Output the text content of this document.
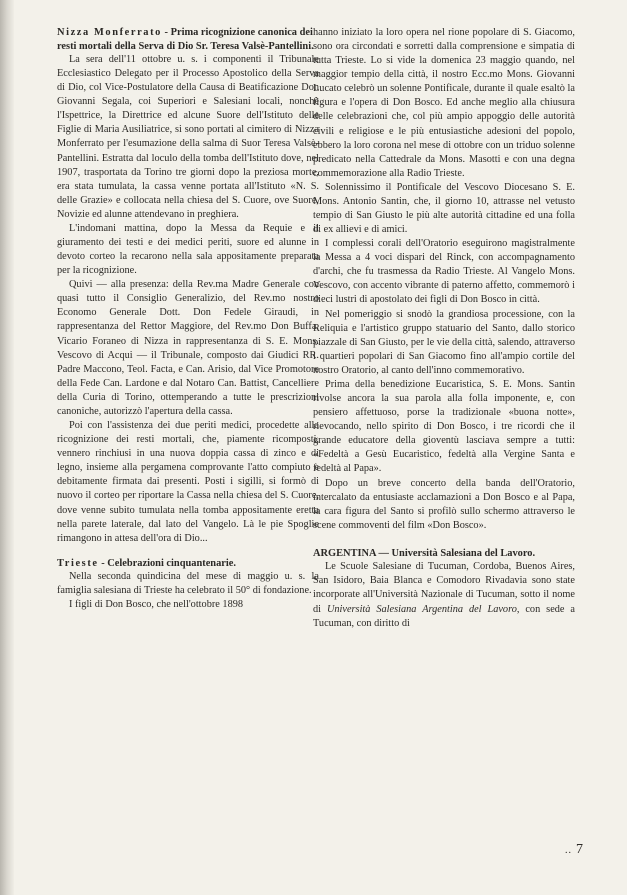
Nizza Monferrato - Prima ricognizione canonica dei resti mortali della Serva di Dio Sr. Teresa Valsè-Pantellini.

La sera dell'11 ottobre u. s. i componenti il Tribunale Ecclesiastico Delegato per il Processo Apostolico della Serva di Dio, col Vice-Postulatore della Causa di Beatificazione Don Giovanni Segala, coi Superiori e Salesiani locali, nonchè l'Ispettrice, la Direttrice ed alcune Suore dell'Istituto delle Figlie di Maria Ausiliatrice, si sono portati al cimitero di Nizza Monferrato per l'esumazione della salma di Suor Teresa Valsè-Pantellini. Estratta dal loculo della tomba dell'Istituto dove, nel 1907, trasportata da Torino tre giorni dopo la preziosa morte, era stata tumulata, la cassa venne portata all'Istituto «N. S. delle Grazie» e collocata nella chiesa del S. Cuore, ove Suore, Novizie ed alunne attendevano in preghiera.

L'indomani mattina, dopo la Messa da Requie e il giuramento dei testi e dei medici periti, suore ed alunne in devoto corteo la recarono nella sala appositamente preparata per la ricognizione.

Quivi — alla presenza: della Rev.ma Madre Generale con quasi tutto il Consiglio Generalizio, del Rev.mo nostro Economo Generale Dott. Don Fedele Giraudi, in rappresentanza del Rettor Maggiore, del Rev.mo Don Buffa, Vicario Foraneo di Nizza in rappresentanza di S. E. Mons. Vescovo di Acqui — il Tribunale, composto dai Giudici RR. Padre Maccono, Teol. Facta, e Can. Arisio, dal Vice Promotore della Fede Can. Lardone e dal Notaro Can. Battist, Cancelliere della Curia di Torino, ottemperando a tutte le prescrizioni canoniche, autorizzò l'apertura della cassa.

Poi con l'assistenza dei due periti medici, procedette alla ricognizione dei resti mortali, che, piamente ricomposti, vennero rinchiusi in una nuova doppia cassa di zinco e di legno, insieme alla pergamena comprovante l'atto compiuto e debitamente firmata dai presenti. Posti i sigilli, si formò di nuovo il corteo per riportare la Cassa nella chiesa del S. Cuore, dove venne subito tumulata nella tomba appositamente eretta nella parete laterale, dal lato del Vangelo. Là le pie Spoglie rimangono in attesa dell'ora di Dio...

Trieste - Celebrazioni cinquantenarie.

Nella seconda quindicina del mese di maggio u. s. la famiglia salesiana di Trieste ha celebrato il 50° di fondazione.

I figli di Don Bosco, che nell'ottobre 1898

hanno iniziato la loro opera nel rione popolare di S. Giacomo, sono ora circondati e sorretti dalla comprensione e simpatia di tutta Trieste. Lo si vide la domenica 23 maggio quando, nel maggior tempio della città, il nostro Ecc.mo Mons. Giovanni Lucato celebrò un solenne Pontificale, durante il quale esaltò la figura e l'opera di Don Bosco. Ed anche meglio alla chiusura delle celebrazioni che, col più ampio appoggio delle autorità civili e religiose e le più entusiastiche adesioni del popolo, ebbero la loro corona nel mese di ottobre con un triduo solenne predicato nella Cattedrale da Mons. Masotti e con una degna commemorazione alla Radio Trieste.

Solennissimo il Pontificale del Vescovo Diocesano S. E. Mons. Antonio Santin, che, il giorno 10, attrasse nel vetusto tempio di San Giusto le più alte autorità cittadine ed una folla di ex allievi e di amici.

I complessi corali dell'Oratorio eseguirono magistralmente la Messa a 4 voci dispari del Rinck, con accompagnamento d'archi, che fu trasmessa da Radio Trieste. Al Vangelo Mons. Vescovo, con accento vibrante di paterno affetto, commemorò i dieci lustri di apostolato dei figli di Don Bosco in città.

Nel pomeriggio si snodò la grandiosa processione, con la Reliquia e l'artistico gruppo statuario del Santo, dallo storico piazzale di San Giusto, per le vie della città, salendo, attraverso i quartieri popolari di San Giacomo fino all'ampio cortile del nostro Oratorio, al canto dell'inno commemorativo.

Prima della benedizione Eucaristica, S. E. Mons. Santin rivolse ancora la sua parola alla folla imponente, e, con pensiero affettuoso, porse la tradizionale «buona notte», rievocando, nello spirito di Don Bosco, i tre ricordi che il grande educatore della gioventù lasciava sempre a tutti: «Fedeltà a Gesù Eucaristico, fedeltà alla Vergine Santa e fedeltà al Papa».

Dopo un breve concerto della banda dell'Oratorio, intercalato da entusiaste acclamazioni a Don Bosco e al Papa, la cara figura del Santo si profilò sullo schermo attraverso le scene commoventi del film «Don Bosco».

ARGENTINA — Università Salesiana del Lavoro.

Le Scuole Salesiane di Tucuman, Cordoba, Buenos Aires, San Isidoro, Baia Blanca e Comodoro Rivadavia sono state incorporate all'Università Nazionale di Tucuman, sotto il nome di Università Salesiana Argentina del Lavoro, con sede a Tucuman, con diritto di

.. 7
